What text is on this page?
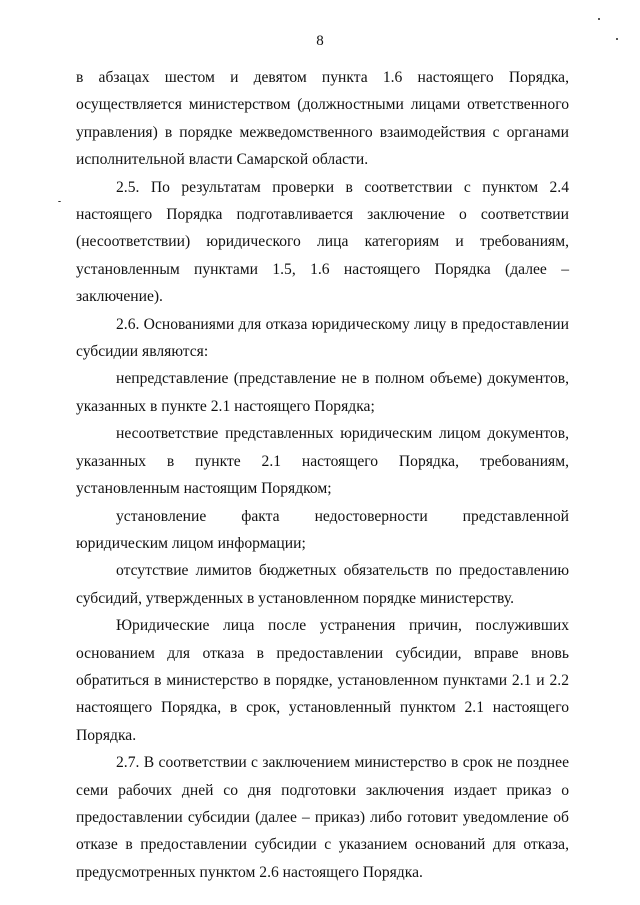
8

в абзацах шестом и девятом пункта 1.6 настоящего Порядка, осуществляется министерством (должностными лицами ответственного управления) в порядке межведомственного взаимодействия с органами исполнительной власти Самарской области.

2.5. По результатам проверки в соответствии с пунктом 2.4 настоящего Порядка подготавливается заключение о соответствии (несоответствии) юридического лица категориям и требованиям, установленным пунктами 1.5, 1.6 настоящего Порядка (далее – заключение).

2.6. Основаниями для отказа юридическому лицу в предоставлении субсидии являются:

непредставление (представление не в полном объеме) документов, указанных в пункте 2.1 настоящего Порядка;

несоответствие представленных юридическим лицом документов, указанных в пункте 2.1 настоящего Порядка, требованиям, установленным настоящим Порядком;

установление факта недостоверности представленной юридическим лицом информации;

отсутствие лимитов бюджетных обязательств по предоставлению субсидий, утвержденных в установленном порядке министерству.

Юридические лица после устранения причин, послуживших основанием для отказа в предоставлении субсидии, вправе вновь обратиться в министерство в порядке, установленном пунктами 2.1 и 2.2 настоящего Порядка, в срок, установленный пунктом 2.1 настоящего Порядка.

2.7. В соответствии с заключением министерство в срок не позднее семи рабочих дней со дня подготовки заключения издает приказ о предоставлении субсидии (далее – приказ) либо готовит уведомление об отказе в предоставлении субсидии с указанием оснований для отказа, предусмотренных пунктом 2.6 настоящего Порядка.
